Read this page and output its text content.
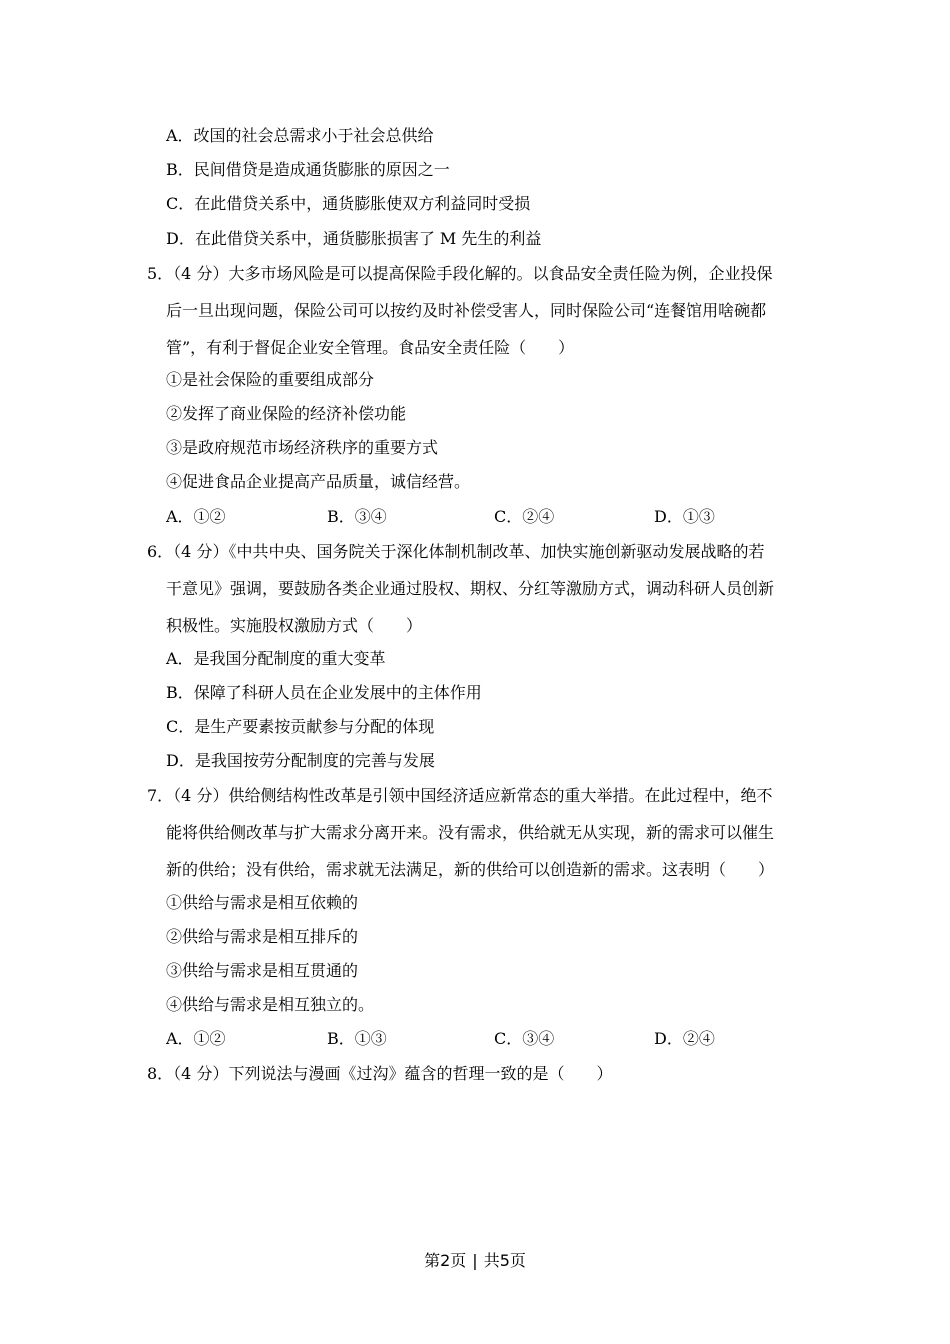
A．改国的社会总需求小于社会总供给
B．民间借贷是造成通货膨胀的原因之一
C．在此借贷关系中，通货膨胀使双方利益同时受损
D．在此借贷关系中，通货膨胀损害了 M 先生的利益
5．（4 分）大多市场风险是可以提高保险手段化解的。以食品安全责任险为例，企业投保
后一旦出现问题，保险公司可以按约及时补偿受害人，同时保险公司“连餐馆用啥碗都
管”，有利于督促企业安全管理。食品安全责任险（　　）
①是社会保险的重要组成部分
②发挥了商业保险的经济补偿功能
③是政府规范市场经济秩序的重要方式
④促进食品企业提高产品质量，诚信经营。
A．①②	B．③④	C．②④	D．①③
6．（4 分）《中共中央、国务院关于深化体制机制改革、加快实施创新驱动发展战略的若
干意见》强调，要鼓励各类企业通过股权、期权、分红等激励方式，调动科研人员创新
积极性。实施股权激励方式（　　）
A．是我国分配制度的重大变革
B．保障了科研人员在企业发展中的主体作用
C．是生产要素按贡献参与分配的体现
D．是我国按劳分配制度的完善与发展
7．（4 分）供给侧结构性改革是引领中国经济适应新常态的重大举措。在此过程中，绝不
能将供给侧改革与扩大需求分离开来。没有需求，供给就无从实现，新的需求可以催生
新的供给；没有供给，需求就无法满足，新的供给可以创造新的需求。这表明（　　）
①供给与需求是相互依赖的
②供给与需求是相互排斥的
③供给与需求是相互贯通的
④供给与需求是相互独立的。
A．①②	B．①③	C．③④	D．②④
8．（4 分）下列说法与漫画《过沟》蕴含的哲理一致的是（　　）
第2页 | 共5页
